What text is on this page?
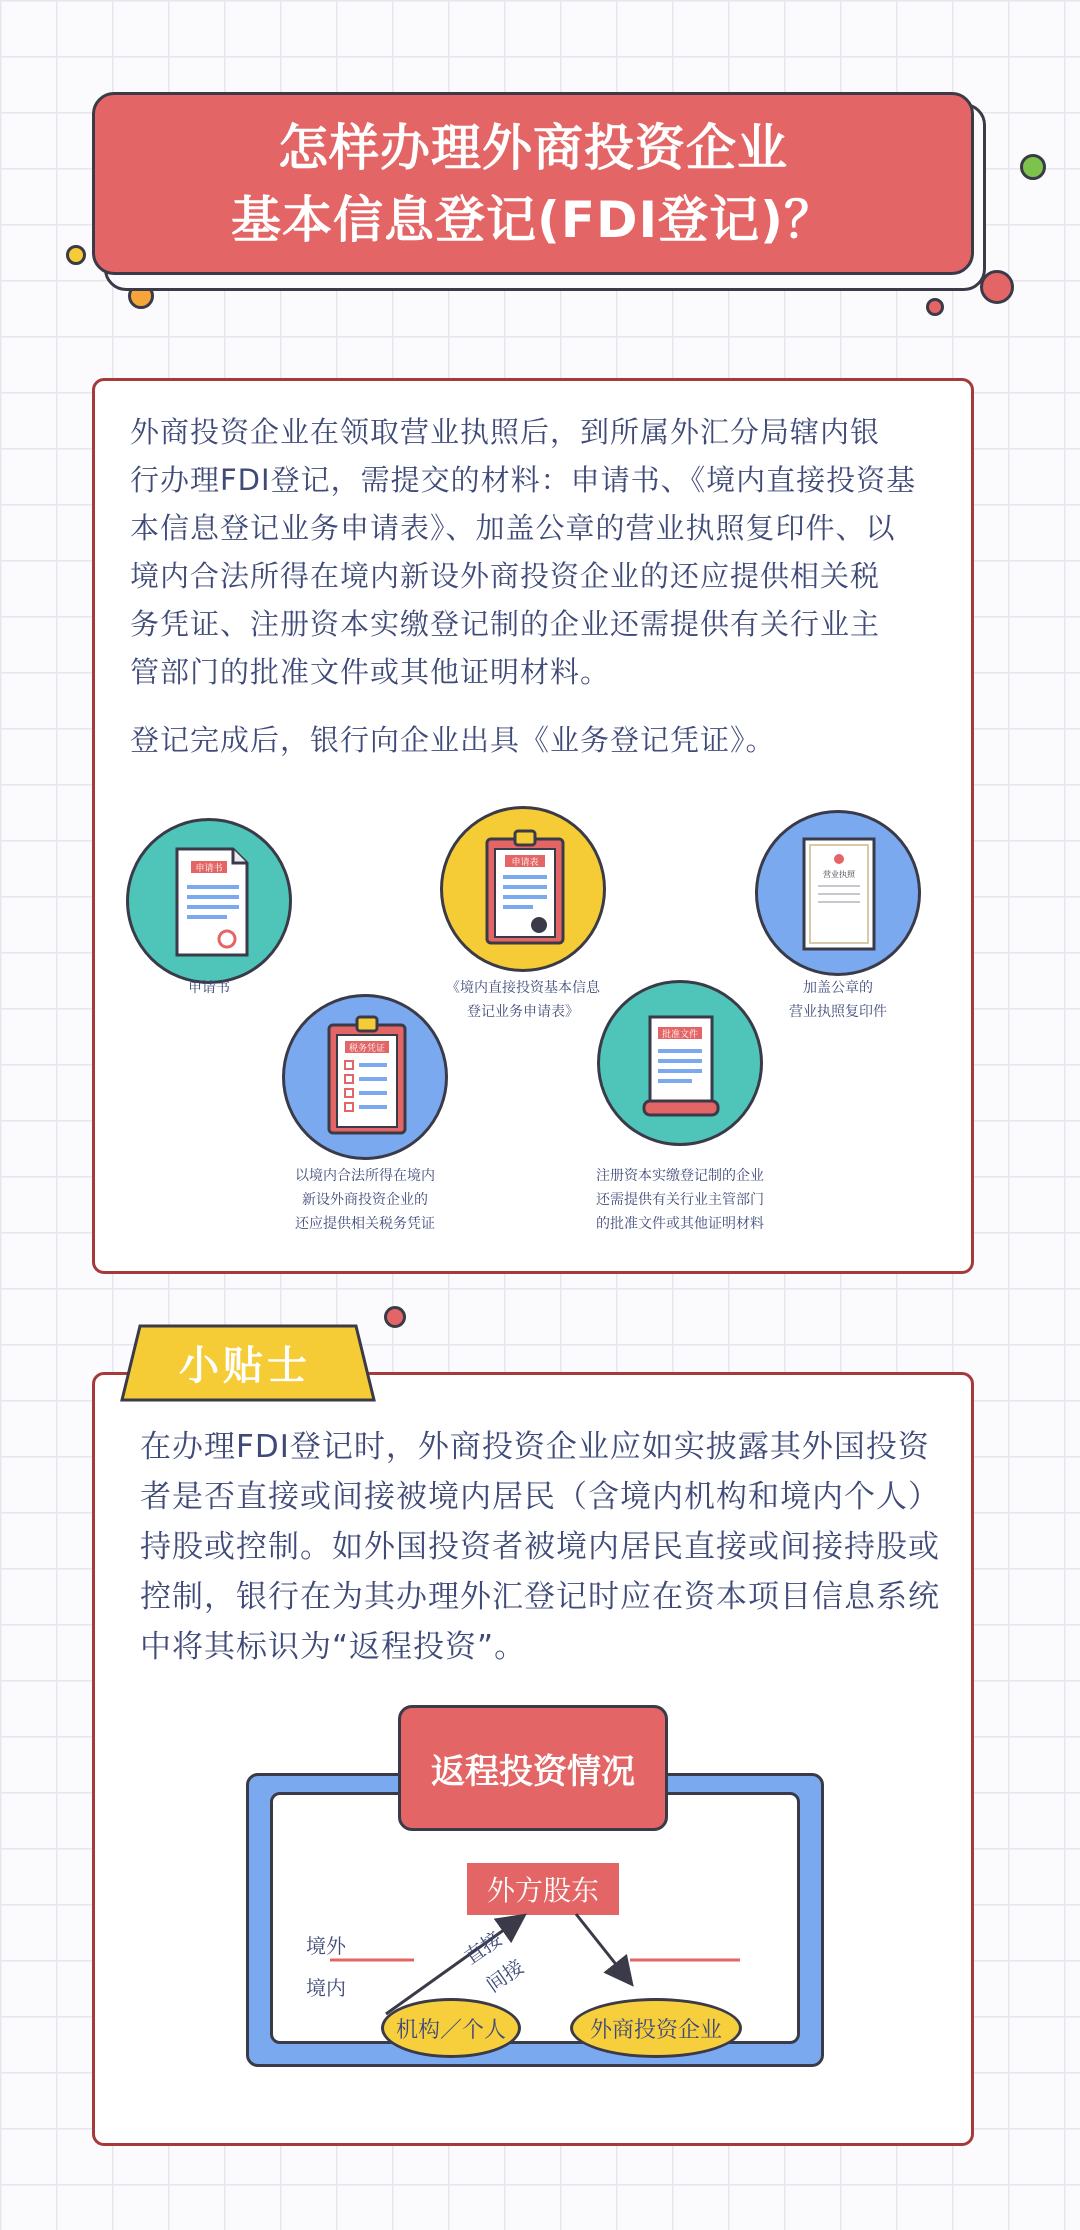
怎样办理外商投资企业
基本信息登记(FDI登记)？
外商投资企业在领取营业执照后，到所属外汇分局辖内银
行办理FDI登记，需提交的材料：申请书、《境内直接投资基
本信息登记业务申请表》、加盖公章的营业执照复印件、以
境内合法所得在境内新设外商投资企业的还应提供相关税
务凭证、注册资本实缴登记制的企业还需提供有关行业主
管部门的批准文件或其他证明材料。
登记完成后，银行向企业出具《业务登记凭证》。
申请书
申请书
申请表
《境内直接投资基本信息
登记业务申请表》
营业执照
加盖公章的
营业执照复印件
税务凭证
以境内合法所得在境内
新设外商投资企业的
还应提供相关税务凭证
批准文件
注册资本实缴登记制的企业
还需提供有关行业主管部门
的批准文件或其他证明材料
小贴士
在办理FDI登记时，外商投资企业应如实披露其外国投资
者是否直接或间接被境内居民（含境内机构和境内个人）
持股或控制。如外国投资者被境内居民直接或间接持股或
控制，银行在为其办理外汇登记时应在资本项目信息系统
中将其标识为“返程投资”。
返程投资情况
外方股东
境外
境内
直接
间接
机构／个人	外商投资企业
